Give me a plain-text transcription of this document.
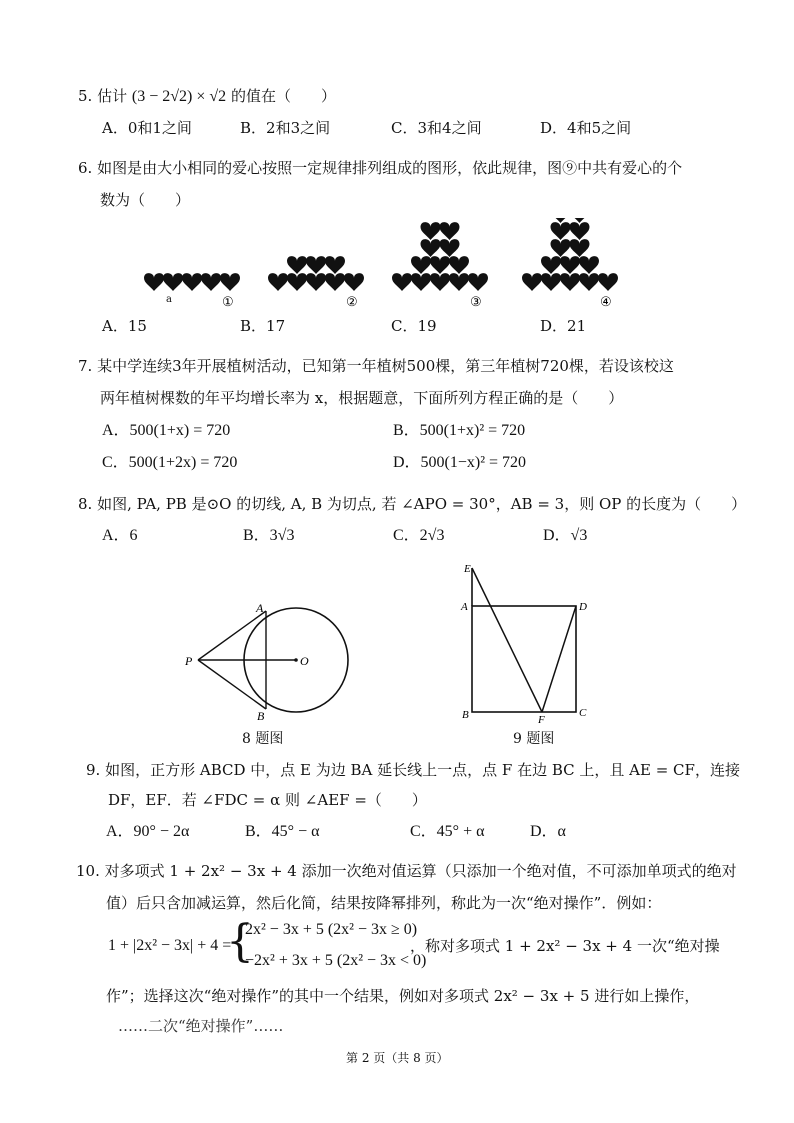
5. 估计 (3 − 2√2) × √2 的值在（　　）
A．0和1之间	B．2和3之间	C．3和4之间	D．4和5之间
6. 如图是由大小相同的爱心按照一定规律排列组成的图形，依此规律，图⑨中共有爱心的个
数为（　　）
①	②	③	④
a
A．15	B．17	C．19	D．21
7. 某中学连续3年开展植树活动，已知第一年植树500棵，第三年植树720棵，若设该校这
两年植树棵数的年平均增长率为 x，根据题意，下面所列方程正确的是（　　）
A．500(1+x) = 720	B．500(1+x)² = 720
C．500(1+2x) = 720	D．500(1−x)² = 720
8. 如图, PA, PB 是⊙O 的切线, A, B 为切点, 若 ∠APO = 30°，AB = 3，则 OP 的长度为（　　）
A．6	B．3√3	C．2√3	D．√3
A
B
P	O
8 题图
E
A	D
B	F
C
9 题图
9. 如图，正方形 ABCD 中，点 E 为边 BA 延长线上一点，点 F 在边 BC 上，且 AE = CF，连接
DF，EF．若 ∠FDC = α 则 ∠AEF =（　　）
A．90° − 2α	B．45° − α	C．45° + α	D．α
10. 对多项式 1 + 2x² − 3x + 4 添加一次绝对值运算（只添加一个绝对值，不可添加单项式的绝对
值）后只含加减运算，然后化简，结果按降幂排列，称此为一次“绝对操作”．例如：
1 + |2x² − 3x| + 4 =
{
2x² − 3x + 5 (2x² − 3x ≥ 0)
−2x² + 3x + 5 (2x² − 3x < 0)
，称对多项式 1 + 2x² − 3x + 4 一次“绝对操
作”；选择这次“绝对操作”的其中一个结果，例如对多项式 2x² − 3x + 5 进行如上操作，
……二次“绝对操作”……
第 2 页（共 8 页）
